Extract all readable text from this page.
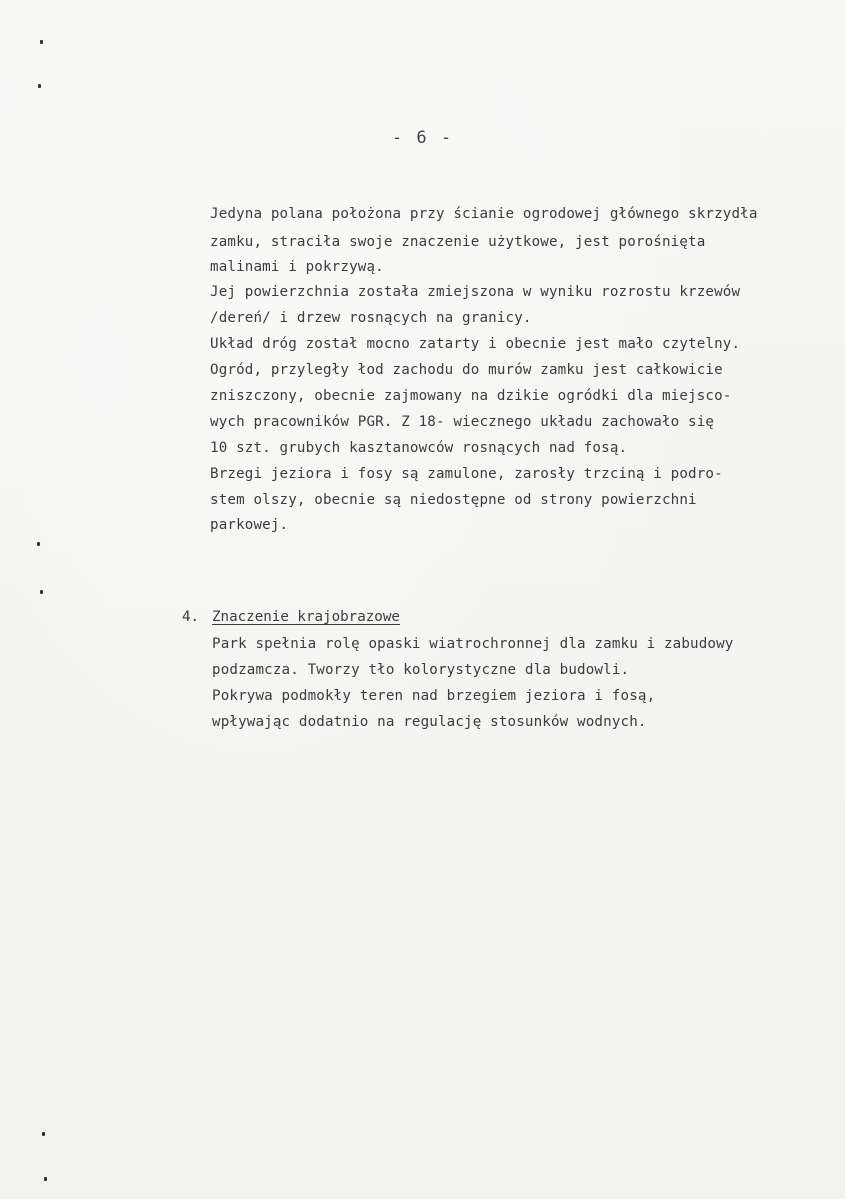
- 6 -
Jedyna polana położona przy ścianie ogrodowej głównego skrzydła
zamku, straciła swoje znaczenie użytkowe, jest porośnięta
malinami i pokrzywą.
Jej powierzchnia została zmiejszona w wyniku rozrostu krzewów
/dereń/ i drzew rosnących na granicy.
Układ dróg został mocno zatarty i obecnie jest mało czytelny.
Ogród, przyległy łod zachodu do murów zamku jest całkowicie
zniszczony, obecnie zajmowany na dzikie ogródki dla miejsco-
wych pracowników PGR. Z 18- wiecznego układu zachowało się
10 szt. grubych kasztanowców rosnących nad fosą.
Brzegi jeziora i fosy są zamulone, zarosły trzciną i podro-
stem olszy, obecnie są niedostępne od strony powierzchni
parkowej.
4. Znaczenie krajobrazowe
Park spełnia rolę opaski wiatrochronnej dla zamku i zabudowy
podzamcza. Tworzy tło kolorystyczne dla budowli.
Pokrywa podmokły teren nad brzegiem jeziora i fosą,
wpływając dodatnio na regulację stosunków wodnych.
